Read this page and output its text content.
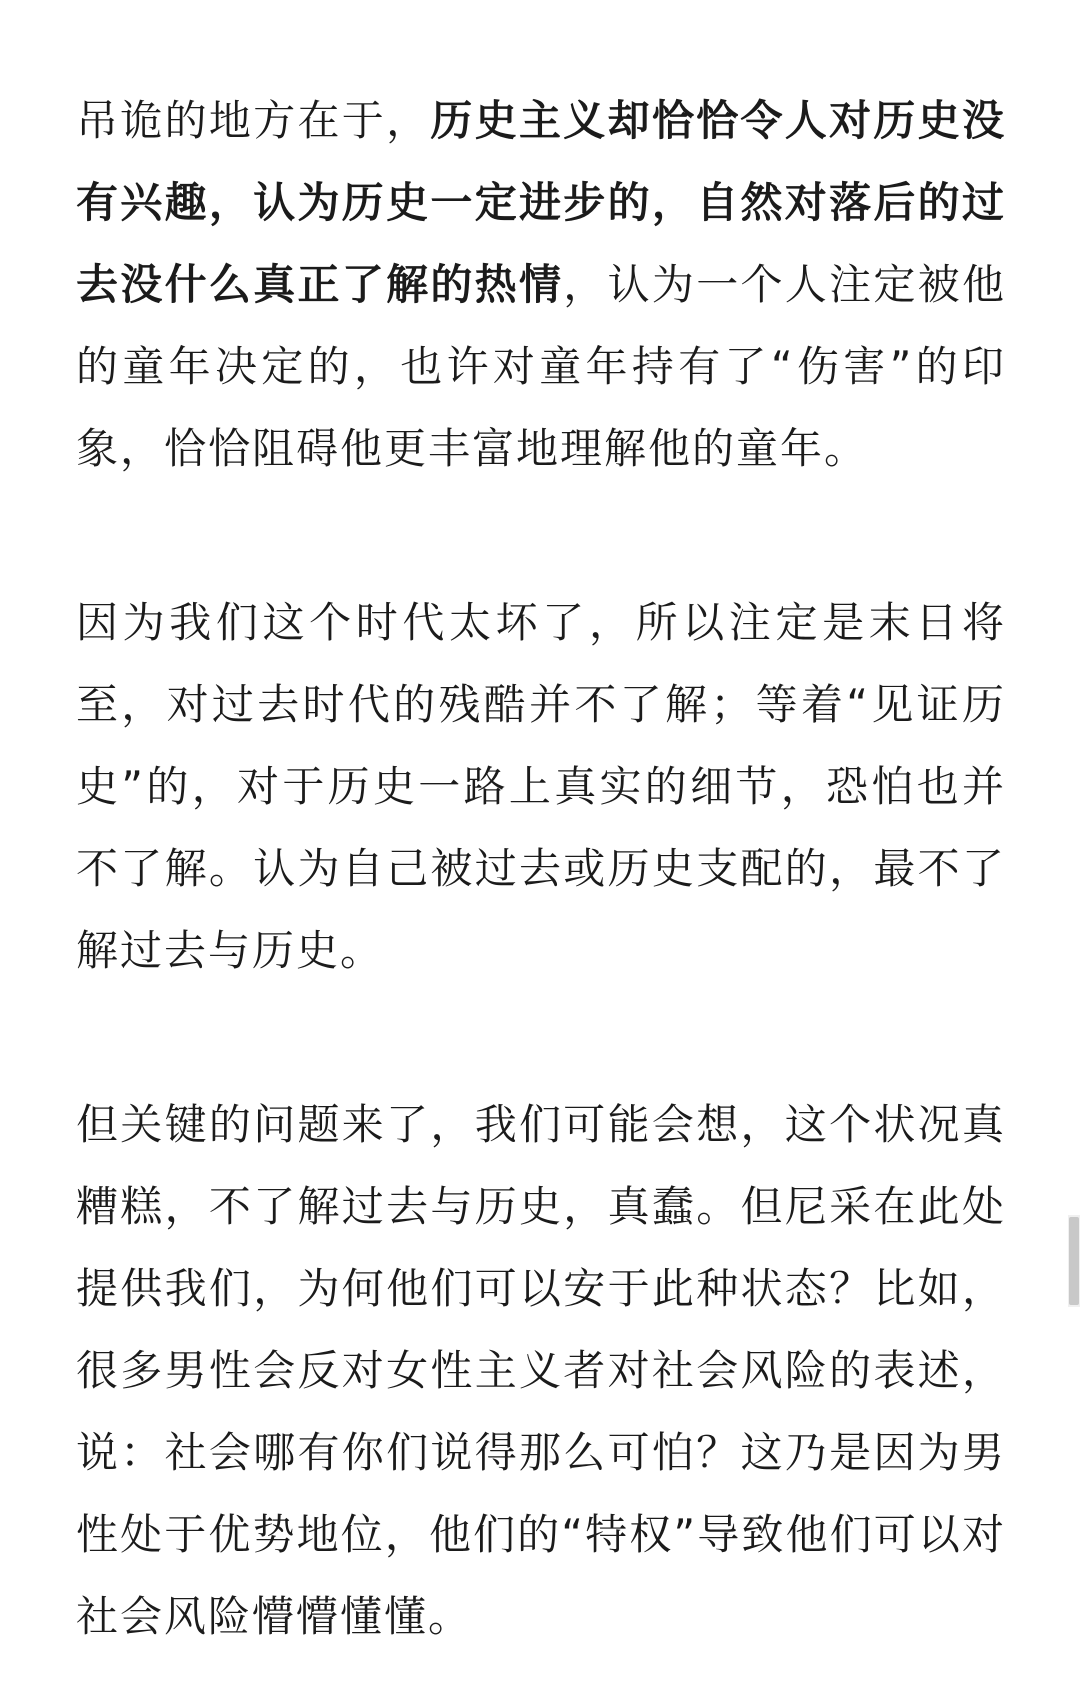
吊诡的地方在于，历史主义却恰恰令人对历史没有兴趣，认为历史一定进步的，自然对落后的过去没什么真正了解的热情，认为一个人注定被他的童年决定的，也许对童年持有了“伤害”的印象，恰恰阻碍他更丰富地理解他的童年。

因为我们这个时代太坏了，所以注定是末日将至，对过去时代的残酷并不了解；等着“见证历史”的，对于历史一路上真实的细节，恐怕也并不了解。认为自己被过去或历史支配的，最不了解过去与历史。

但关键的问题来了，我们可能会想，这个状况真糟糕，不了解过去与历史，真蠢。但尼采在此处提供我们，为何他们可以安于此种状态？比如，很多男性会反对女性主义者对社会风险的表述，说：社会哪有你们说得那么可怕？这乃是因为男性处于优势地位，他们的“特权”导致他们可以对社会风险懵懵懂懂。
